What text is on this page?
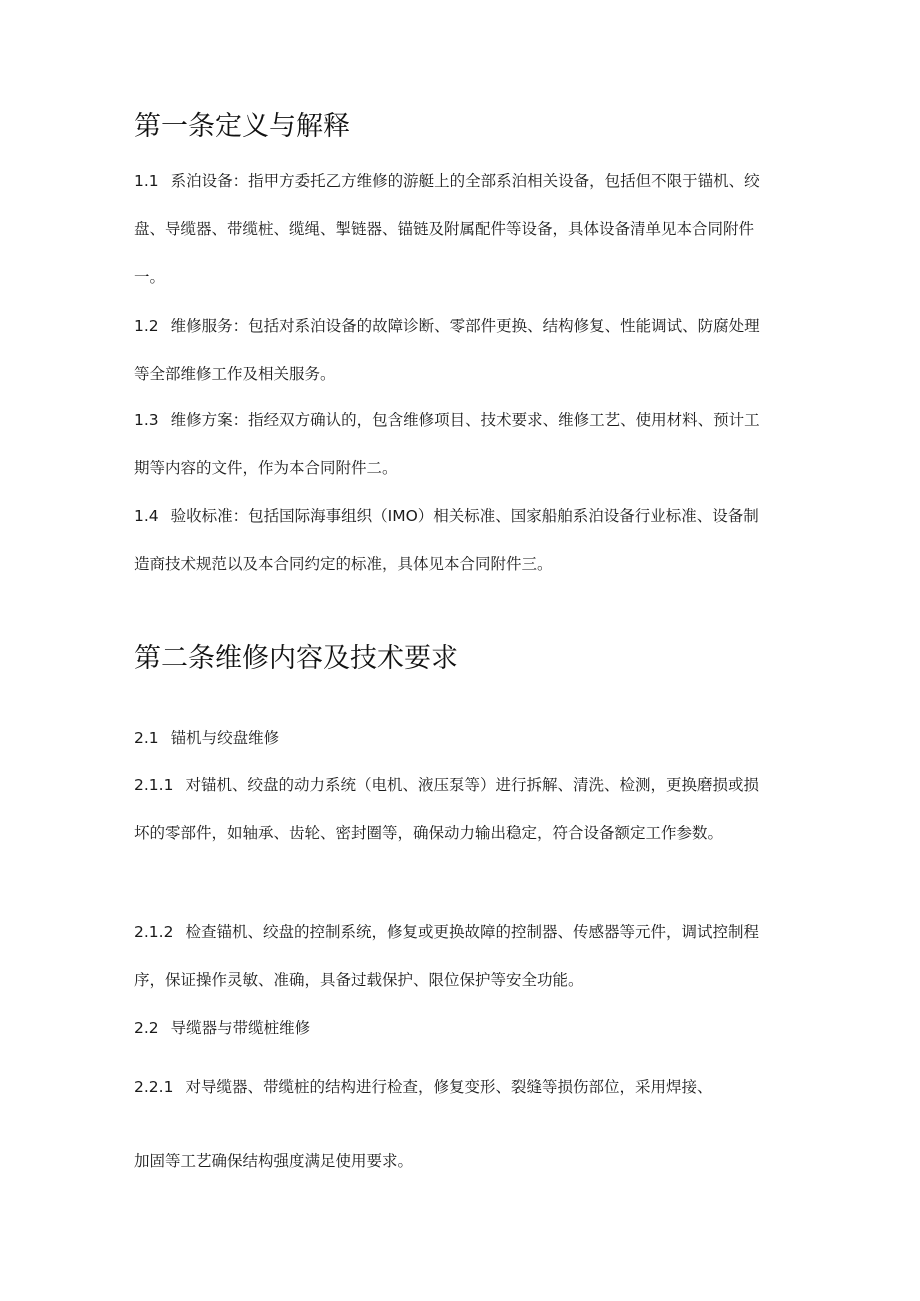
第一条定义与解释

1.1 系泊设备：指甲方委托乙方维修的游艇上的全部系泊相关设备，包括但不限于锚机、绞盘、导缆器、带缆桩、缆绳、掣链器、锚链及附属配件等设备，具体设备清单见本合同附件一。

1.2 维修服务：包括对系泊设备的故障诊断、零部件更换、结构修复、性能调试、防腐处理等全部维修工作及相关服务。

1.3 维修方案：指经双方确认的，包含维修项目、技术要求、维修工艺、使用材料、预计工期等内容的文件，作为本合同附件二。

1.4 验收标准：包括国际海事组织（IMO）相关标准、国家船舶系泊设备行业标准、设备制造商技术规范以及本合同约定的标准，具体见本合同附件三。

第二条维修内容及技术要求
2.1 锚机与绞盘维修

2.1.1 对锚机、绞盘的动力系统（电机、液压泵等）进行拆解、清洗、检测，更换磨损或损坏的零部件，如轴承、齿轮、密封圈等，确保动力输出稳定，符合设备额定工作参数。

2.1.2 检查锚机、绞盘的控制系统，修复或更换故障的控制器、传感器等元件，调试控制程序，保证操作灵敏、准确，具备过载保护、限位保护等安全功能。

2.2 导缆器与带缆桩维修
2.2.1 对导缆器、带缆桩的结构进行检查，修复变形、裂缝等损伤部位，采用焊接、
加固等工艺确保结构强度满足使用要求。
